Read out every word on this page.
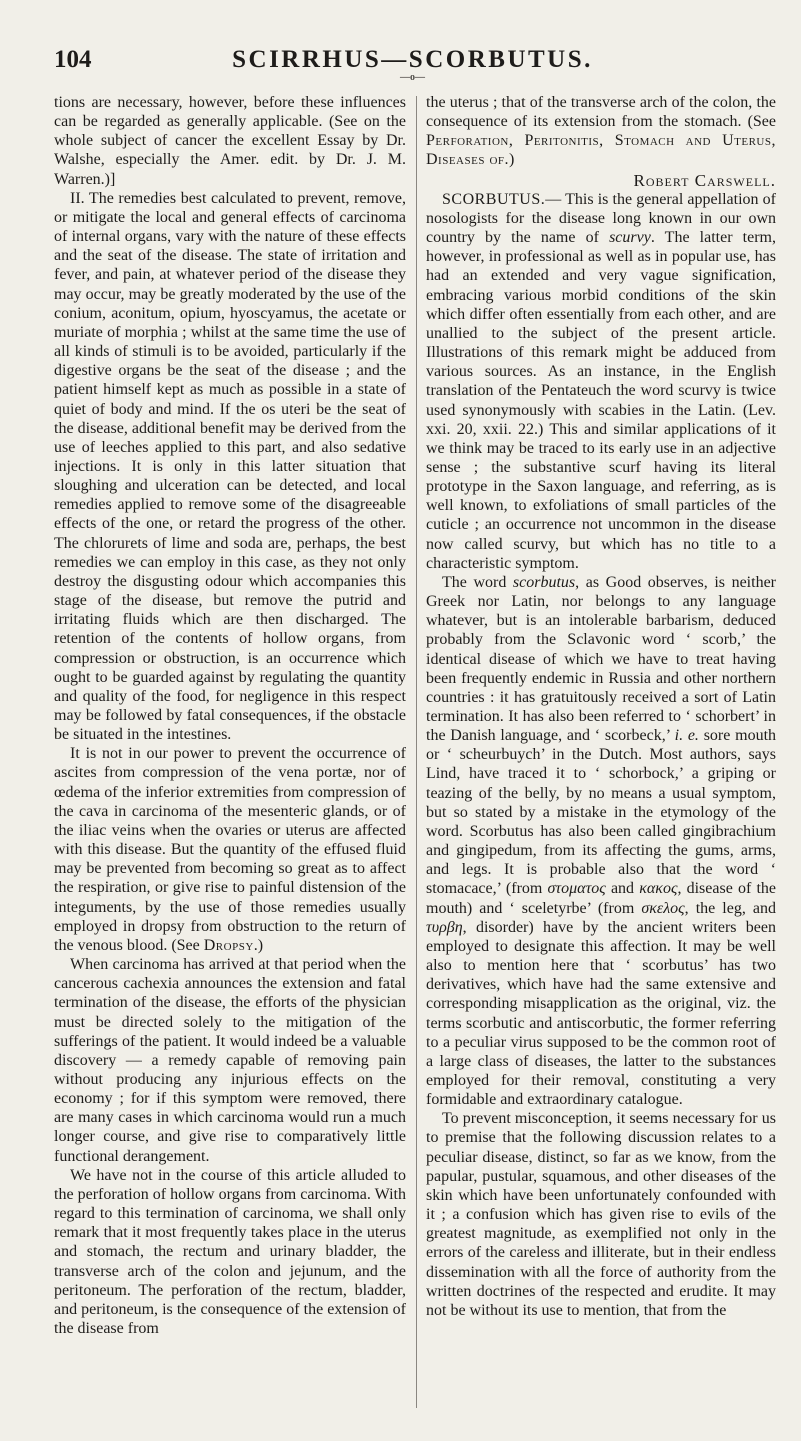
104	SCIRRHUS—SCORBUTUS.
—o—

tions are necessary, however, before these influences can be regarded as generally applicable. (See on the whole subject of cancer the excellent Essay by Dr. Walshe, especially the Amer. edit. by Dr. J. M. Warren.)]

II. The remedies best calculated to prevent, remove, or mitigate the local and general effects of carcinoma of internal organs, vary with the nature of these effects and the seat of the disease. The state of irritation and fever, and pain, at whatever period of the disease they may occur, may be greatly moderated by the use of the conium, aconitum, opium, hyoscyamus, the acetate or muriate of morphia ; whilst at the same time the use of all kinds of stimuli is to be avoided, particularly if the digestive organs be the seat of the disease ; and the patient himself kept as much as possible in a state of quiet of body and mind. If the os uteri be the seat of the disease, additional benefit may be derived from the use of leeches applied to this part, and also sedative injections. It is only in this latter situation that sloughing and ulceration can be detected, and local remedies applied to remove some of the disagreeable effects of the one, or retard the progress of the other. The chlorurets of lime and soda are, perhaps, the best remedies we can employ in this case, as they not only destroy the disgusting odour which accompanies this stage of the disease, but remove the putrid and irritating fluids which are then discharged. The retention of the contents of hollow organs, from compression or obstruction, is an occurrence which ought to be guarded against by regulating the quantity and quality of the food, for negligence in this respect may be followed by fatal consequences, if the obstacle be situated in the intestines.

It is not in our power to prevent the occurrence of ascites from compression of the vena portæ, nor of œdema of the inferior extremities from compression of the cava in carcinoma of the mesenteric glands, or of the iliac veins when the ovaries or uterus are affected with this disease. But the quantity of the effused fluid may be prevented from becoming so great as to affect the respiration, or give rise to painful distension of the integuments, by the use of those remedies usually employed in dropsy from obstruction to the return of the venous blood. (See Dropsy.)

When carcinoma has arrived at that period when the cancerous cachexia announces the extension and fatal termination of the disease, the efforts of the physician must be directed solely to the mitigation of the sufferings of the patient. It would indeed be a valuable discovery — a remedy capable of removing pain without producing any injurious effects on the economy ; for if this symptom were removed, there are many cases in which carcinoma would run a much longer course, and give rise to comparatively little functional derangement.

We have not in the course of this article alluded to the perforation of hollow organs from carcinoma. With regard to this termination of carcinoma, we shall only remark that it most frequently takes place in the uterus and stomach, the rectum and urinary bladder, the transverse arch of the colon and jejunum, and the peritoneum. The perforation of the rectum, bladder, and peritoneum, is the consequence of the extension of the disease from

the uterus ; that of the transverse arch of the colon, the consequence of its extension from the stomach. (See Perforation, Peritonitis, Stomach and Uterus, Diseases of.)

Robert Carswell.

SCORBUTUS.— This is the general appellation of nosologists for the disease long known in our own country by the name of scurvy. The latter term, however, in professional as well as in popular use, has had an extended and very vague signification, embracing various morbid conditions of the skin which differ often essentially from each other, and are unallied to the subject of the present article. Illustrations of this remark might be adduced from various sources. As an instance, in the English translation of the Pentateuch the word scurvy is twice used synonymously with scabies in the Latin. (Lev. xxi. 20, xxii. 22.) This and similar applications of it we think may be traced to its early use in an adjective sense ; the substantive scurf having its literal prototype in the Saxon language, and referring, as is well known, to exfoliations of small particles of the cuticle ; an occurrence not uncommon in the disease now called scurvy, but which has no title to a characteristic symptom.

The word scorbutus, as Good observes, is neither Greek nor Latin, nor belongs to any language whatever, but is an intolerable barbarism, deduced probably from the Sclavonic word ‘ scorb,’ the identical disease of which we have to treat having been frequently endemic in Russia and other northern countries : it has gratuitously received a sort of Latin termination. It has also been referred to ‘ schorbert’ in the Danish language, and ‘ scorbeck,’ i. e. sore mouth or ‘ scheurbuych’ in the Dutch. Most authors, says Lind, have traced it to ‘ schorbock,’ a griping or teazing of the belly, by no means a usual symptom, but so stated by a mistake in the etymology of the word. Scorbutus has also been called gingibrachium and gingipedum, from its affecting the gums, arms, and legs. It is probable also that the word ‘ stomacace,’ (from στοματος and κακος, disease of the mouth) and ‘ sceletyrbe’ (from σκελος, the leg, and τυρβη, disorder) have by the ancient writers been employed to designate this affection. It may be well also to mention here that ‘ scorbutus’ has two derivatives, which have had the same extensive and corresponding misapplication as the original, viz. the terms scorbutic and antiscorbutic, the former referring to a peculiar virus supposed to be the common root of a large class of diseases, the latter to the substances employed for their removal, constituting a very formidable and extraordinary catalogue.

To prevent misconception, it seems necessary for us to premise that the following discussion relates to a peculiar disease, distinct, so far as we know, from the papular, pustular, squamous, and other diseases of the skin which have been unfortunately confounded with it ; a confusion which has given rise to evils of the greatest magnitude, as exemplified not only in the errors of the careless and illiterate, but in their endless dissemination with all the force of authority from the written doctrines of the respected and erudite. It may not be without its use to mention, that from the
